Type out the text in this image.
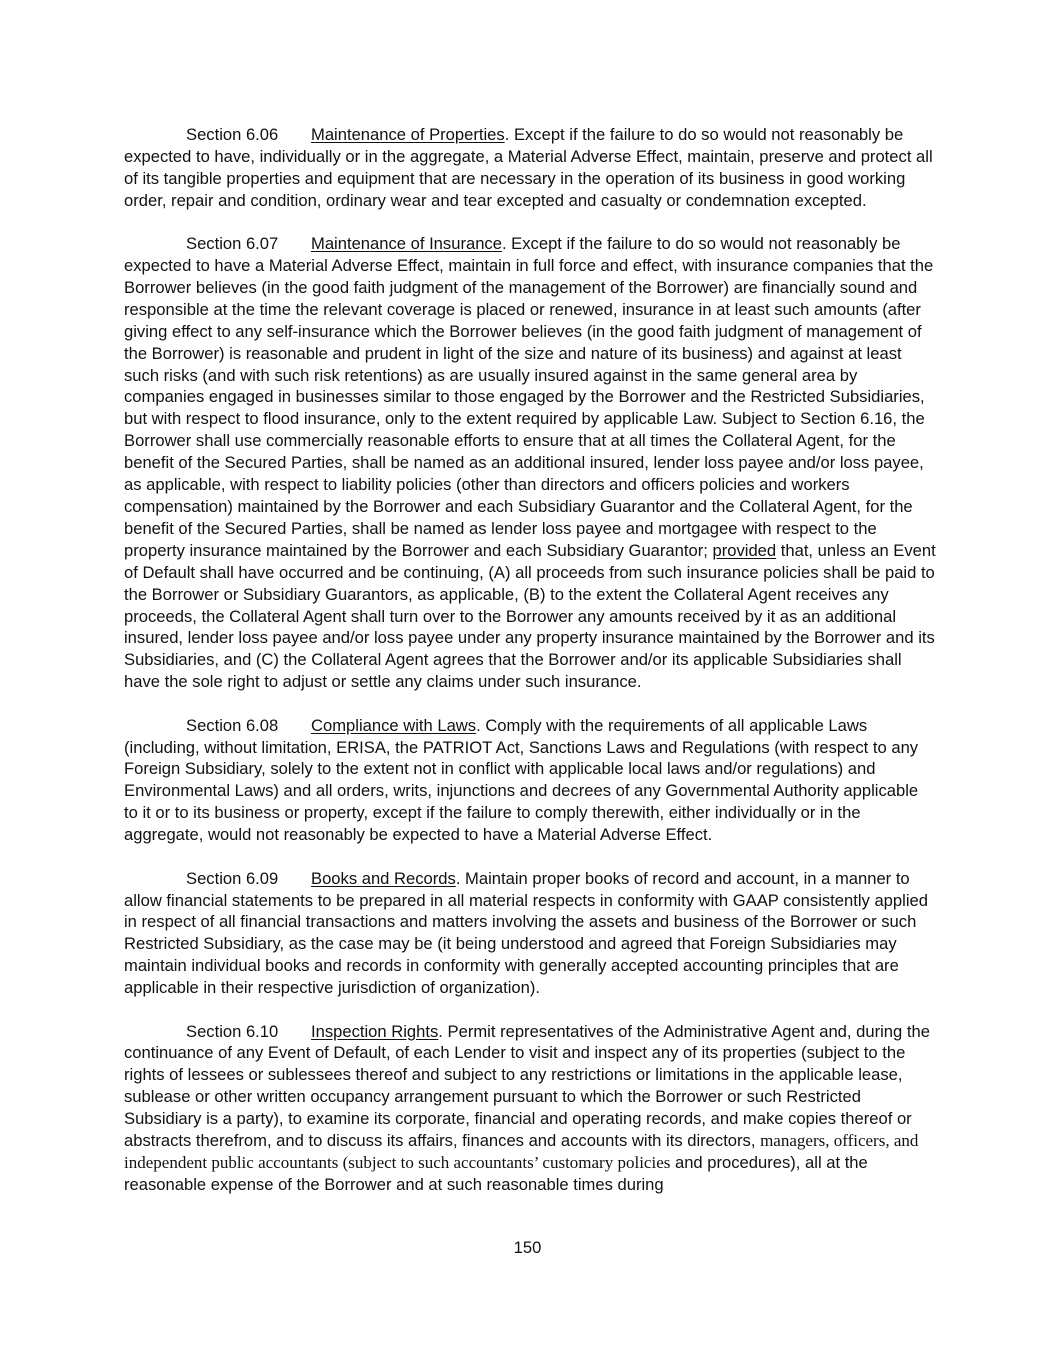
Section 6.06 Maintenance of Properties. Except if the failure to do so would not reasonably be expected to have, individually or in the aggregate, a Material Adverse Effect, maintain, preserve and protect all of its tangible properties and equipment that are necessary in the operation of its business in good working order, repair and condition, ordinary wear and tear excepted and casualty or condemnation excepted.

Section 6.07 Maintenance of Insurance. Except if the failure to do so would not reasonably be expected to have a Material Adverse Effect, maintain in full force and effect, with insurance companies that the Borrower believes (in the good faith judgment of the management of the Borrower) are financially sound and responsible at the time the relevant coverage is placed or renewed, insurance in at least such amounts (after giving effect to any self-insurance which the Borrower believes (in the good faith judgment of management of the Borrower) is reasonable and prudent in light of the size and nature of its business) and against at least such risks (and with such risk retentions) as are usually insured against in the same general area by companies engaged in businesses similar to those engaged by the Borrower and the Restricted Subsidiaries, but with respect to flood insurance, only to the extent required by applicable Law. Subject to Section 6.16, the Borrower shall use commercially reasonable efforts to ensure that at all times the Collateral Agent, for the benefit of the Secured Parties, shall be named as an additional insured, lender loss payee and/or loss payee, as applicable, with respect to liability policies (other than directors and officers policies and workers compensation) maintained by the Borrower and each Subsidiary Guarantor and the Collateral Agent, for the benefit of the Secured Parties, shall be named as lender loss payee and mortgagee with respect to the property insurance maintained by the Borrower and each Subsidiary Guarantor; provided that, unless an Event of Default shall have occurred and be continuing, (A) all proceeds from such insurance policies shall be paid to the Borrower or Subsidiary Guarantors, as applicable, (B) to the extent the Collateral Agent receives any proceeds, the Collateral Agent shall turn over to the Borrower any amounts received by it as an additional insured, lender loss payee and/or loss payee under any property insurance maintained by the Borrower and its Subsidiaries, and (C) the Collateral Agent agrees that the Borrower and/or its applicable Subsidiaries shall have the sole right to adjust or settle any claims under such insurance.

Section 6.08 Compliance with Laws. Comply with the requirements of all applicable Laws (including, without limitation, ERISA, the PATRIOT Act, Sanctions Laws and Regulations (with respect to any Foreign Subsidiary, solely to the extent not in conflict with applicable local laws and/or regulations) and Environmental Laws) and all orders, writs, injunctions and decrees of any Governmental Authority applicable to it or to its business or property, except if the failure to comply therewith, either individually or in the aggregate, would not reasonably be expected to have a Material Adverse Effect.

Section 6.09 Books and Records. Maintain proper books of record and account, in a manner to allow financial statements to be prepared in all material respects in conformity with GAAP consistently applied in respect of all financial transactions and matters involving the assets and business of the Borrower or such Restricted Subsidiary, as the case may be (it being understood and agreed that Foreign Subsidiaries may maintain individual books and records in conformity with generally accepted accounting principles that are applicable in their respective jurisdiction of organization).

Section 6.10 Inspection Rights. Permit representatives of the Administrative Agent and, during the continuance of any Event of Default, of each Lender to visit and inspect any of its properties (subject to the rights of lessees or sublessees thereof and subject to any restrictions or limitations in the applicable lease, sublease or other written occupancy arrangement pursuant to which the Borrower or such Restricted Subsidiary is a party), to examine its corporate, financial and operating records, and make copies thereof or abstracts therefrom, and to discuss its affairs, finances and accounts with its directors, managers, officers, and independent public accountants (subject to such accountants’ customary policies and procedures), all at the reasonable expense of the Borrower and at such reasonable times during

150
